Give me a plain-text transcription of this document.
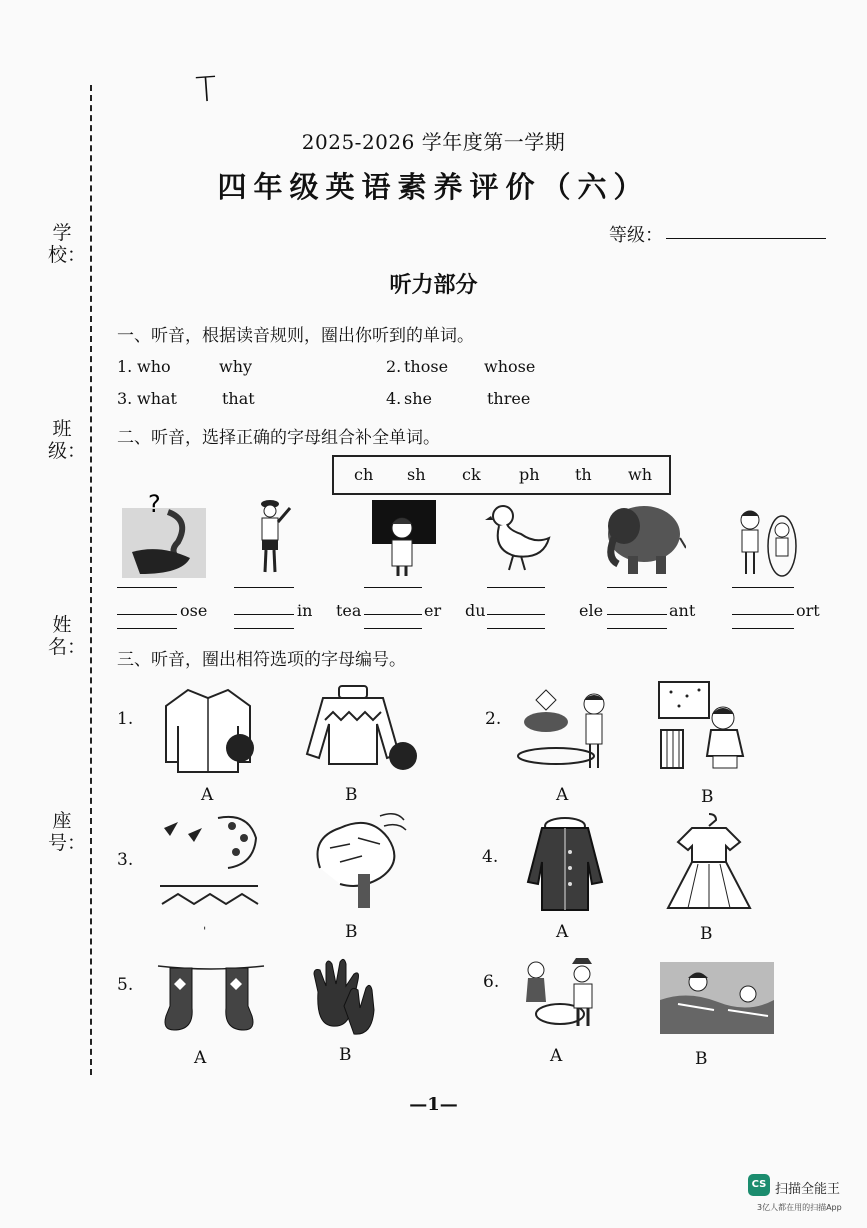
学校：
班级：
姓名：
座号：
T
2025-2026 学年度第一学期
四年级英语素养评价（六）
等级：
听力部分
一、听音，根据读音规则，圈出你听到的单词。
1. who	why	2. those whose
3. what	that	4. she	three
二、听音，选择正确的字母组合补全单词。
ch sh ck ph th wh
?
ose	in tea	er du	ele	ant	ort
三、听音，圈出相符选项的字母编号。
1.
A	B
2.
A	B
3.
ˈ	B
4.
A	B
5.
A	B
6.
A	B
—1—
CS 扫描全能王
3亿人都在用的扫描App
